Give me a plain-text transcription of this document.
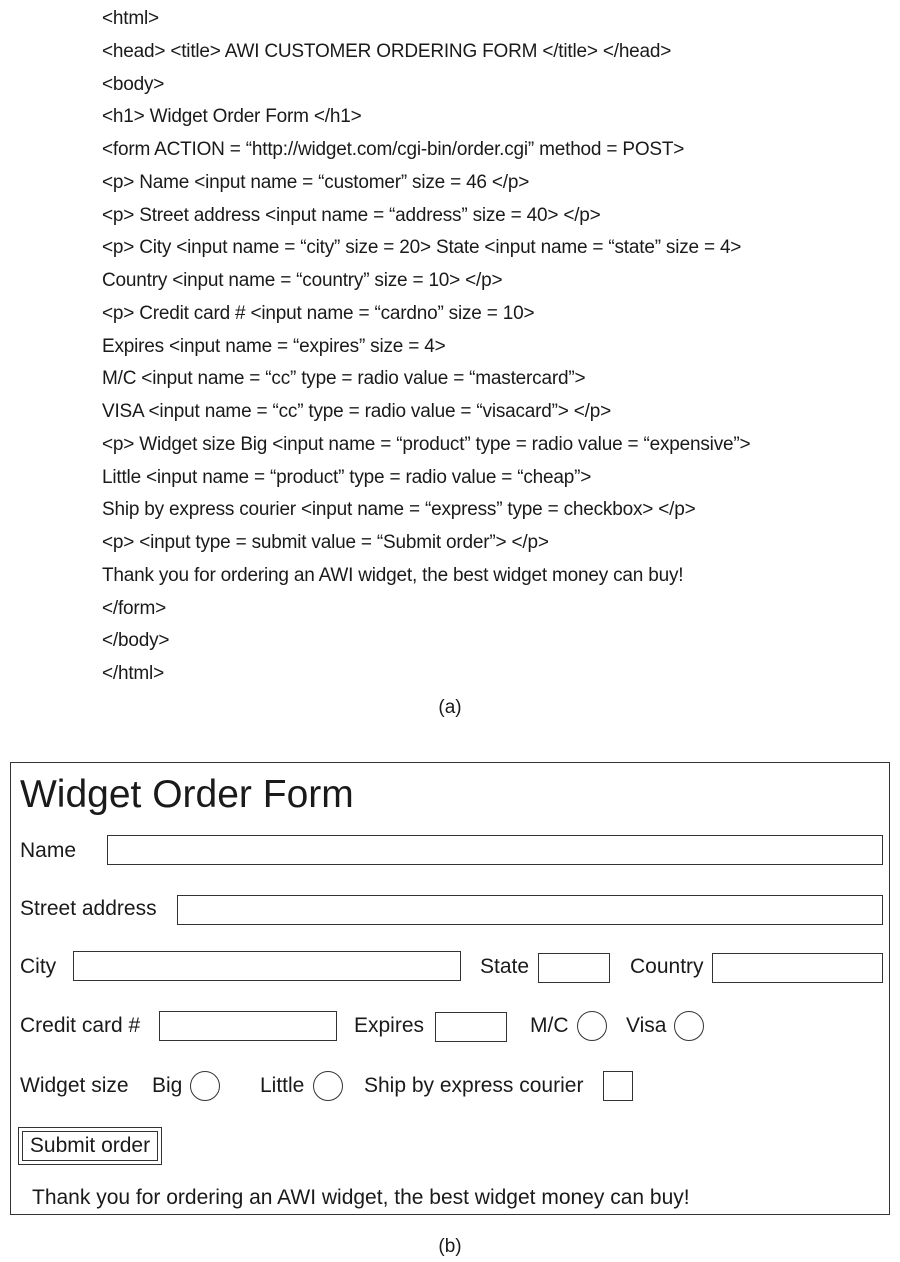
<html>
<head> <title> AWI CUSTOMER ORDERING FORM </title> </head>
<body>
<h1> Widget Order Form </h1>
<form ACTION = “http://widget.com/cgi-bin/order.cgi” method = POST>
<p> Name <input name = “customer” size = 46 </p>
<p> Street address <input name = “address” size = 40> </p>
<p> City <input name = “city” size = 20> State <input name = “state” size = 4>
Country <input name = “country” size = 10> </p>
<p> Credit card # <input name = “cardno” size = 10>
Expires <input name = “expires” size = 4>
M/C <input name = “cc” type = radio value = “mastercard”>
VISA <input name = “cc” type = radio value = “visacard”> </p>
<p> Widget size Big <input name = “product” type = radio value = “expensive”>
Little <input name = “product” type = radio value = “cheap”>
Ship by express courier <input name = “express” type = checkbox> </p>
<p> <input type = submit value = “Submit order”> </p>
Thank you for ordering an AWI widget, the best widget money can buy!
</form>
</body>
</html>
(a)
Widget Order Form
Name
Street address
City	State	Country
Credit card #	Expires	M/C	Visa
Widget size Big	Little	Ship by express courier
Submit order
Thank you for ordering an AWI widget, the best widget money can buy!
(b)
